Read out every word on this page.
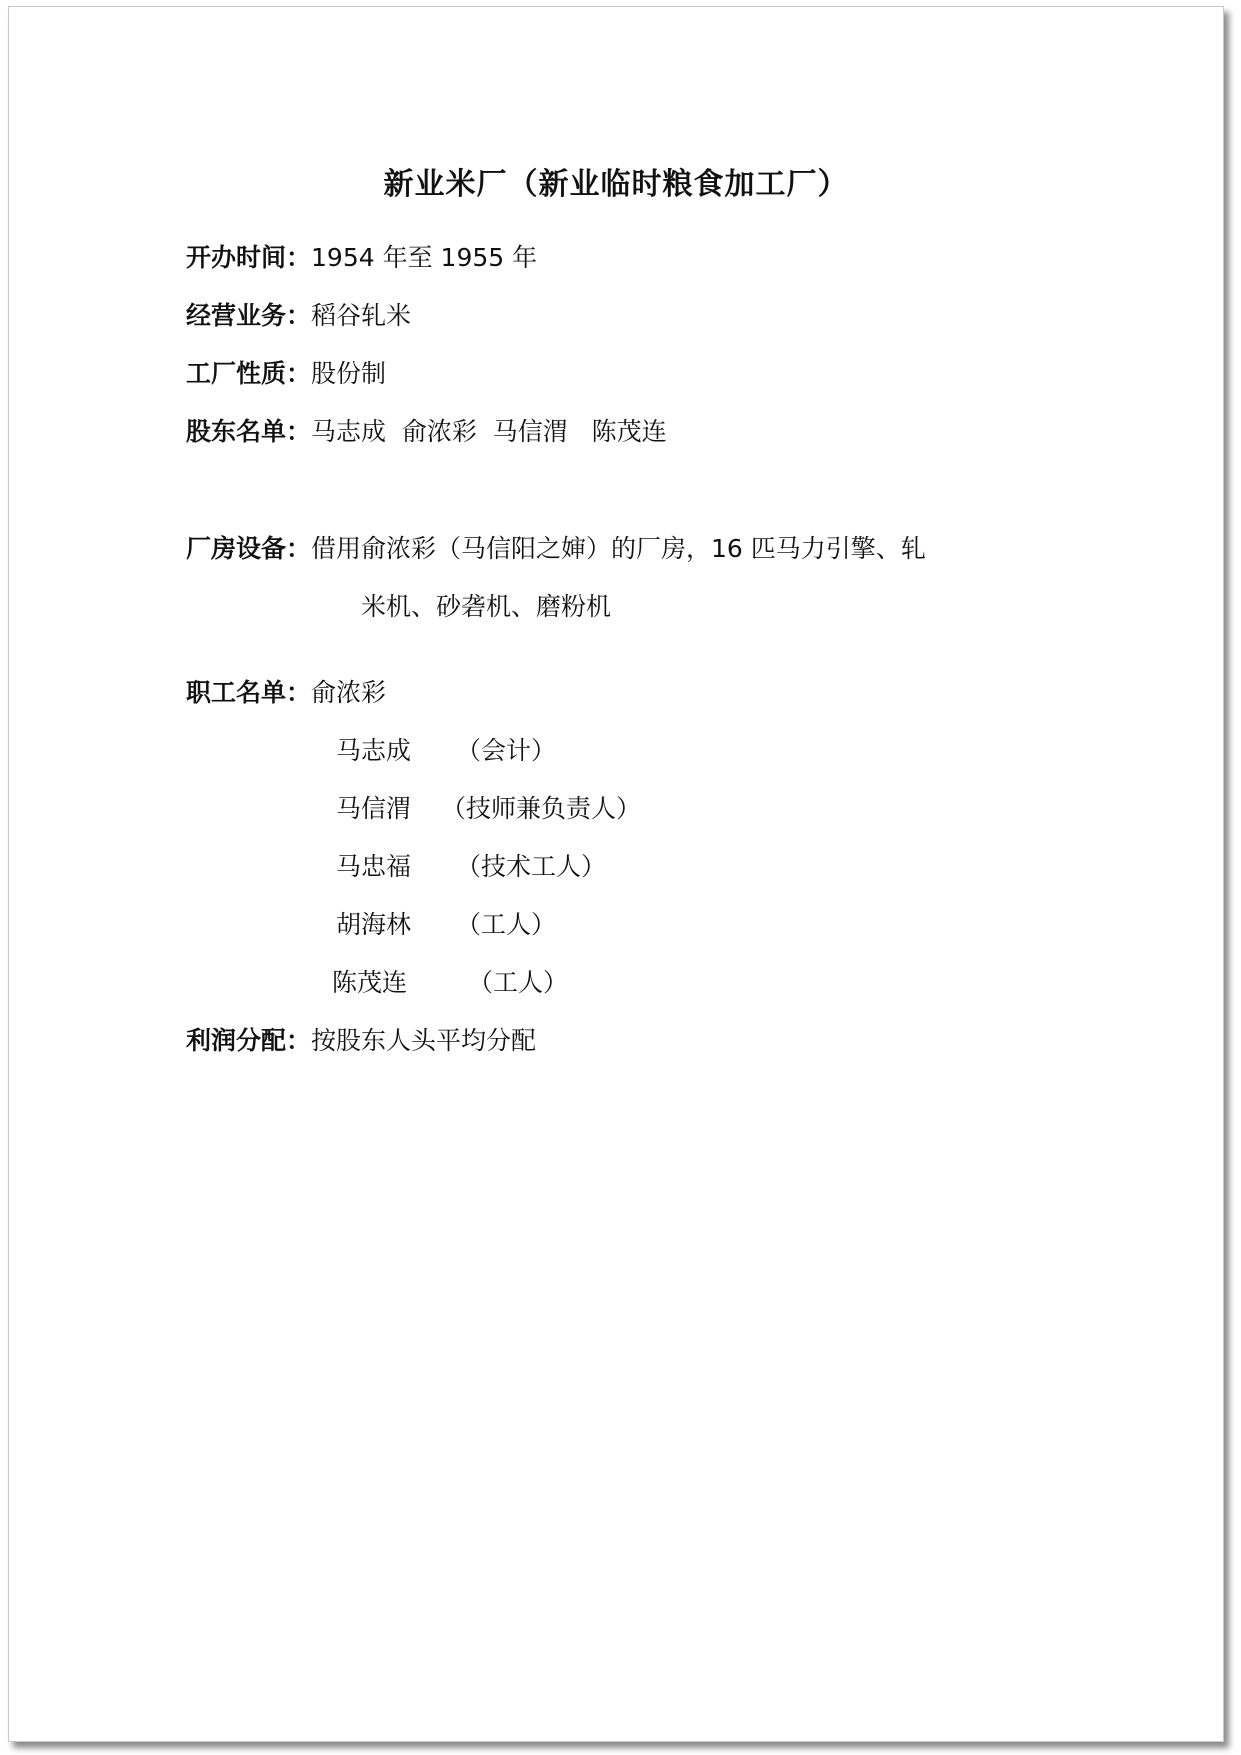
新业米厂（新业临时粮食加工厂）
开办时间：1954 年至 1955 年
经营业务：稻谷轧米
工厂性质：股份制
股东名单：马志成  俞浓彩  马信渭   陈茂连
厂房设备：借用俞浓彩（马信阳之婶）的厂房，16 匹马力引擎、轧
米机、砂砻机、磨粉机
职工名单：俞浓彩
马志成 （会计）
马信渭 （技师兼负责人）
马忠福 （技术工人）
胡海林 （工人）
陈茂连 （工人）
利润分配：按股东人头平均分配
